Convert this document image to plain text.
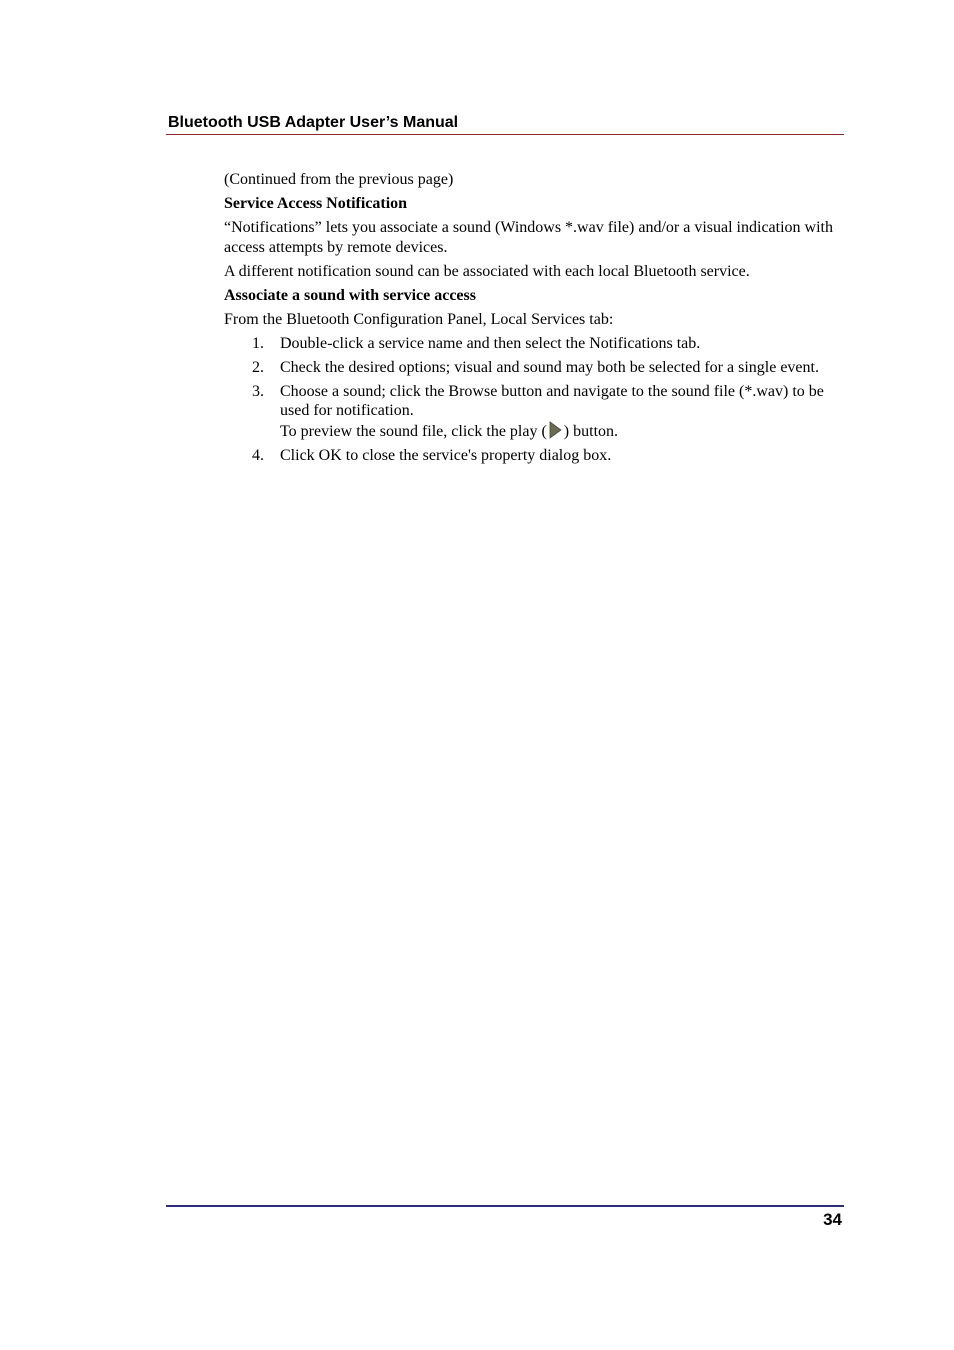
Bluetooth USB Adapter User’s Manual

(Continued from the previous page)

Service Access Notification

“Notifications” lets you associate a sound (Windows *.wav file) and/or a visual indication with access attempts by remote devices.

A different notification sound can be associated with each local Bluetooth service.

Associate a sound with service access

From the Bluetooth Configuration Panel, Local Services tab:

1. Double-click a service name and then select the Notifications tab.
2. Check the desired options; visual and sound may both be selected for a single event.
3. Choose a sound; click the Browse button and navigate to the sound file (*.wav) to be used for notification.
To preview the sound file, click the play ( ) button.
4. Click OK to close the service's property dialog box.
34
